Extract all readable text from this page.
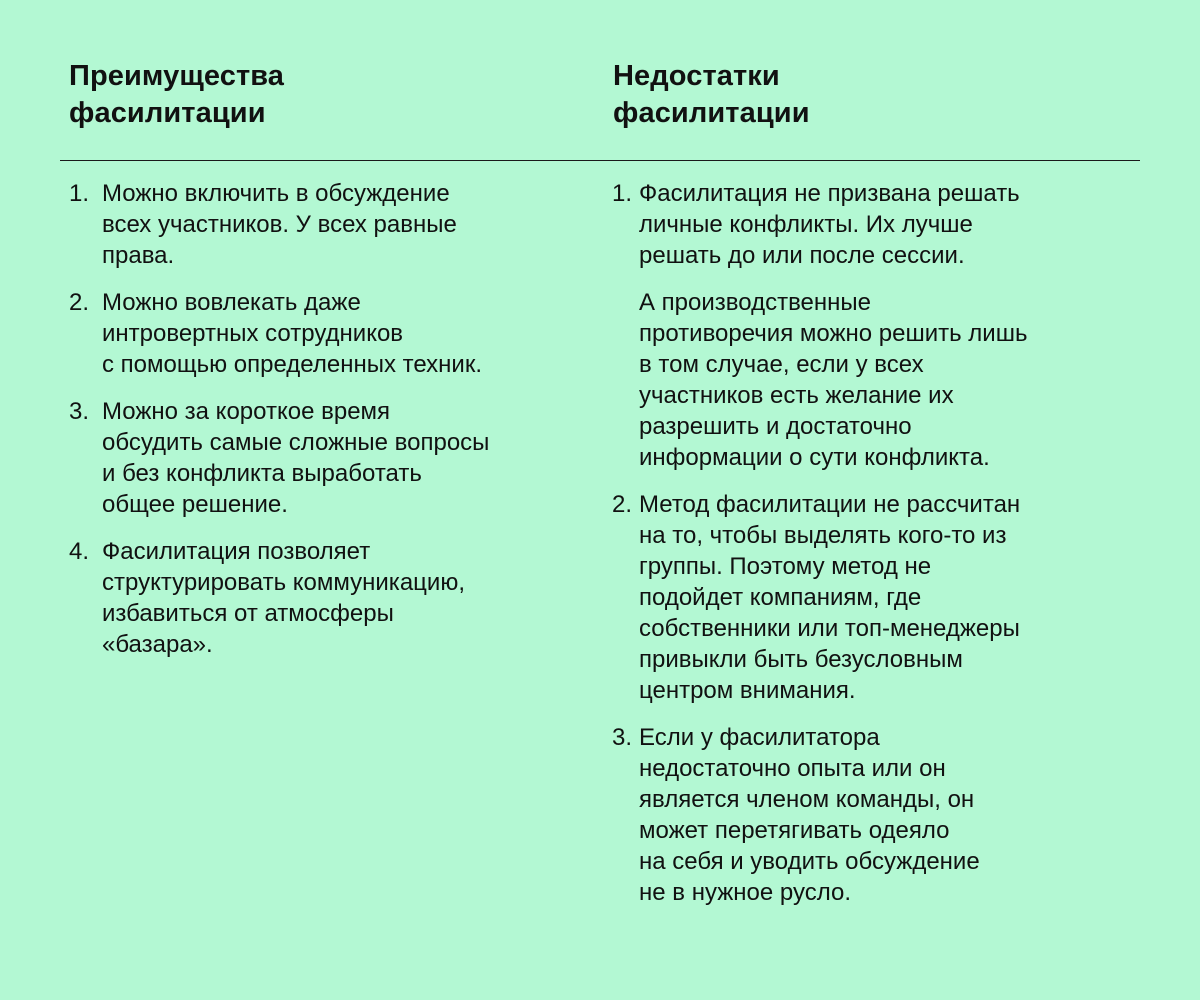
Преимущества
фасилитации
Недостатки
фасилитации
1. Можно включить в обсуждение
всех участников. У всех равные
права.
2. Можно вовлекать даже
интровертных сотрудников
с помощью определенных техник.
3. Можно за короткое время
обсудить самые сложные вопросы
и без конфликта выработать
общее решение.
4. Фасилитация позволяет
структурировать коммуникацию,
избавиться от атмосферы
«базара».
1. Фасилитация не призвана решать
личные конфликты. Их лучше
решать до или после сессии.
А производственные
противоречия можно решить лишь
в том случае, если у всех
участников есть желание их
разрешить и достаточно
информации о сути конфликта.
2. Метод фасилитации не рассчитан
на то, чтобы выделять кого-то из
группы. Поэтому метод не
подойдет компаниям, где
собственники или топ-менеджеры
привыкли быть безусловным
центром внимания.
3. Если у фасилитатора
недостаточно опыта или он
является членом команды, он
может перетягивать одеяло
на себя и уводить обсуждение
не в нужное русло.
